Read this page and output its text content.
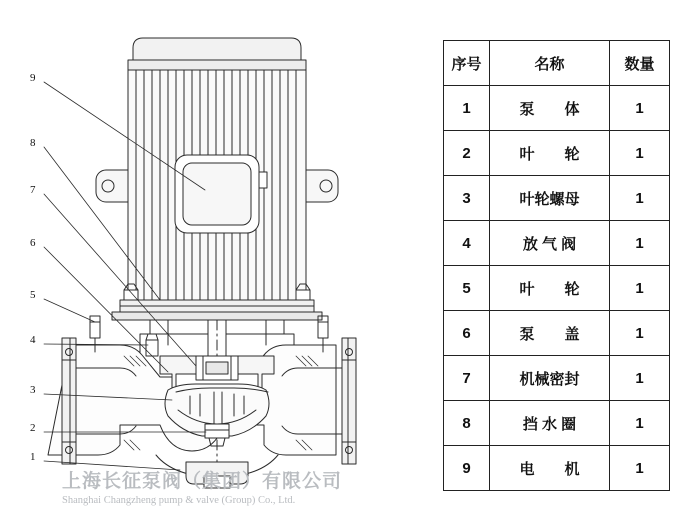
9
8
7
6
5
4
3
2
1
上海长征泵阀（集团）有限公司
Shanghai Changzheng pump & valve (Group) Co., Ltd.
序号	名称	数量
1	泵　　体	1
2	叶　　轮	1
3	叶轮螺母	1
4	放 气 阀	1
5	叶　　轮	1
6	泵　　盖	1
7	机械密封	1
8	挡 水 圈	1
9	电　　机	1
